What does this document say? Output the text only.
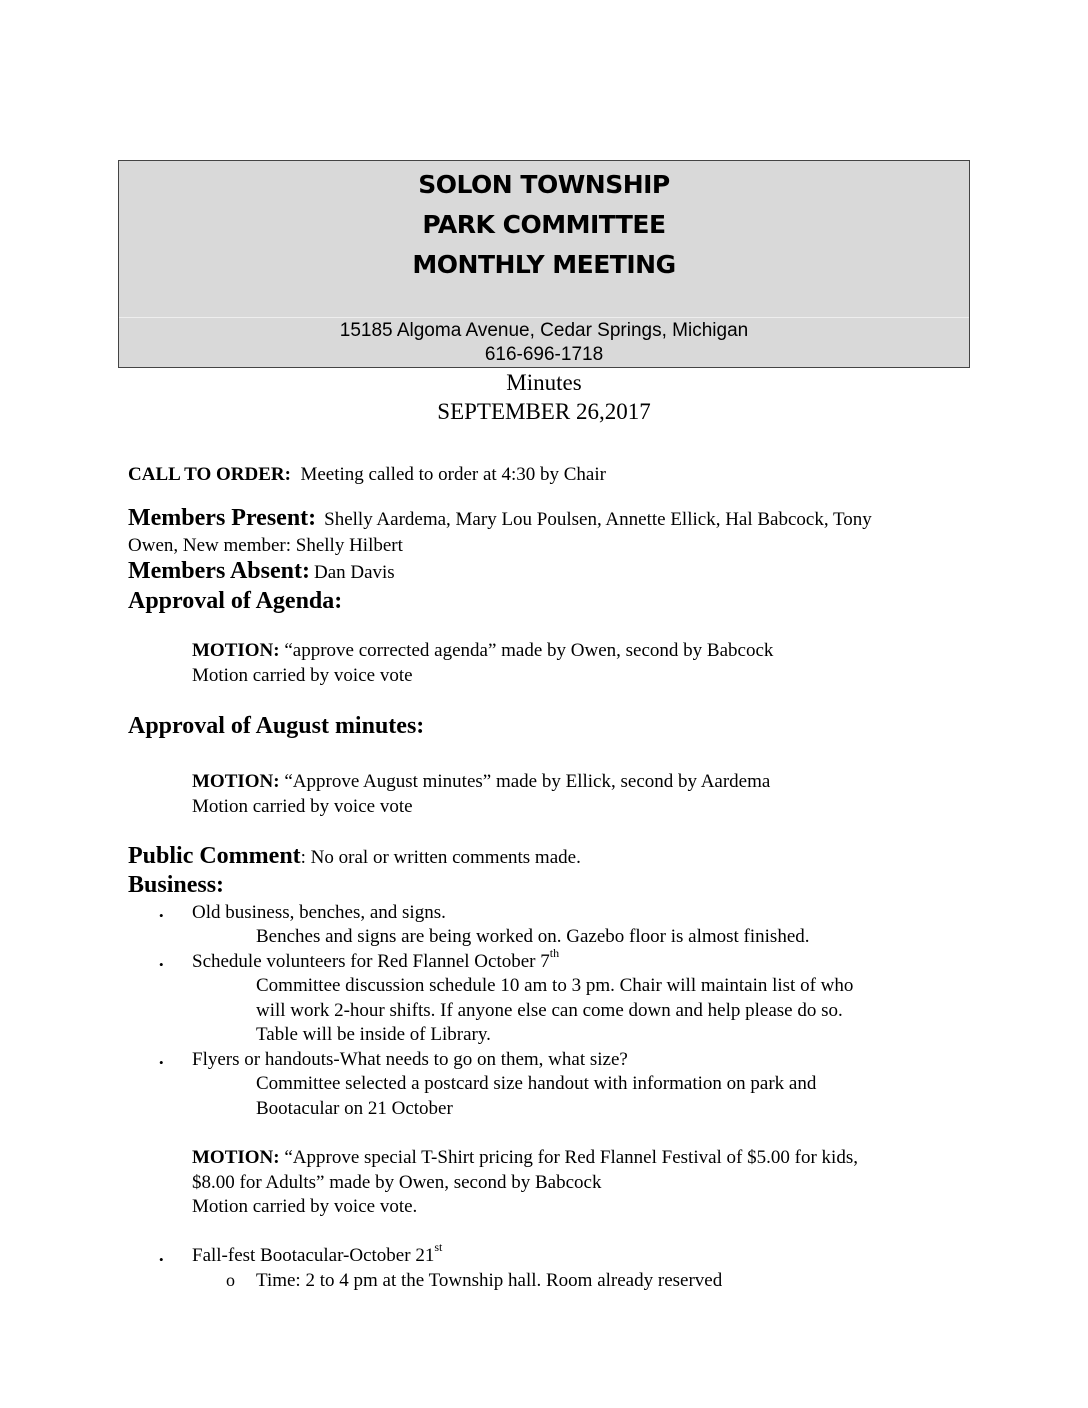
SOLON TOWNSHIP
PARK COMMITTEE
MONTHLY MEETING
15185 Algoma Avenue, Cedar Springs, Michigan
616-696-1718
Minutes
SEPTEMBER 26,2017
CALL TO ORDER: Meeting called to order at 4:30 by Chair
Members Present: Shelly Aardema, Mary Lou Poulsen, Annette Ellick, Hal Babcock, Tony
Owen, New member: Shelly Hilbert
Members Absent: Dan Davis
Approval of Agenda:
MOTION: “approve corrected agenda” made by Owen, second by Babcock
Motion carried by voice vote
Approval of August minutes:
MOTION: “Approve August minutes” made by Ellick, second by Aardema
Motion carried by voice vote
Public Comment: No oral or written comments made.
Business:
• Old business, benches, and signs.
Benches and signs are being worked on. Gazebo floor is almost finished.
• Schedule volunteers for Red Flannel October 7th
Committee discussion schedule 10 am to 3 pm. Chair will maintain list of who
will work 2-hour shifts. If anyone else can come down and help please do so.
Table will be inside of Library.
• Flyers or handouts-What needs to go on them, what size?
Committee selected a postcard size handout with information on park and
Bootacular on 21 October
MOTION: “Approve special T-Shirt pricing for Red Flannel Festival of $5.00 for kids,
$8.00 for Adults” made by Owen, second by Babcock
Motion carried by voice vote.
• Fall-fest Bootacular-October 21st
o Time: 2 to 4 pm at the Township hall. Room already reserved
